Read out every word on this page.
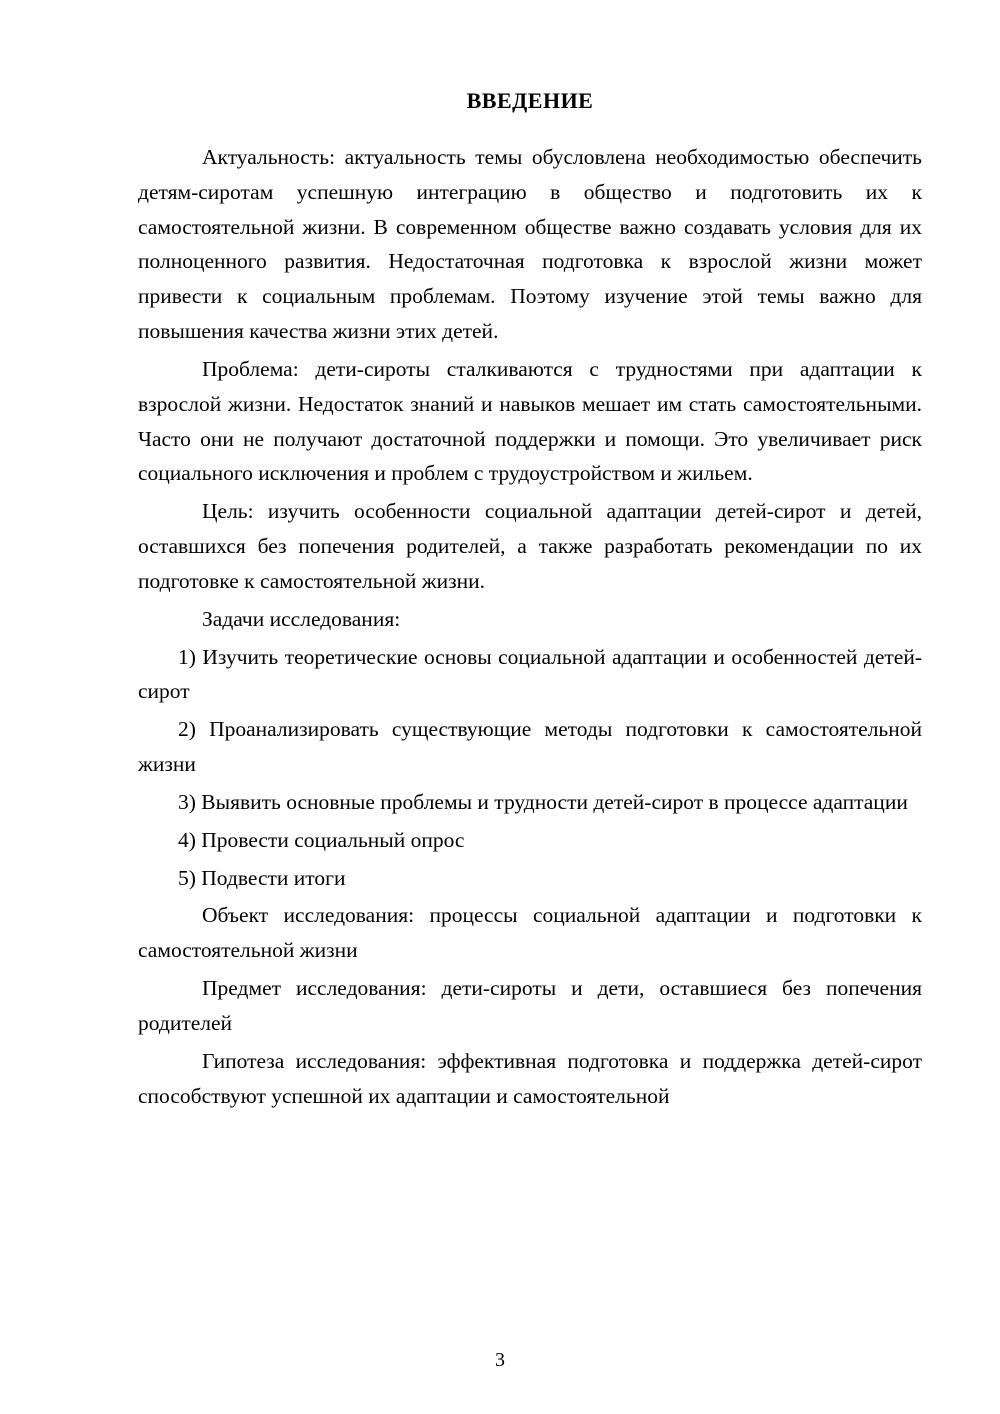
ВВЕДЕНИЕ

Актуальность: актуальность темы обусловлена необходимостью обеспечить детям-сиротам успешную интеграцию в общество и подготовить их к самостоятельной жизни. В современном обществе важно создавать условия для их полноценного развития. Недостаточная подготовка к взрослой жизни может привести к социальным проблемам. Поэтому изучение этой темы важно для повышения качества жизни этих детей.

Проблема: дети-сироты сталкиваются с трудностями при адаптации к взрослой жизни. Недостаток знаний и навыков мешает им стать самостоятельными. Часто они не получают достаточной поддержки и помощи. Это увеличивает риск социального исключения и проблем с трудоустройством и жильем.

Цель: изучить особенности социальной адаптации детей-сирот и детей, оставшихся без попечения родителей, а также разработать рекомендации по их подготовке к самостоятельной жизни.

Задачи исследования:

1) Изучить теоретические основы социальной адаптации и особенностей детей-сирот

2) Проанализировать существующие методы подготовки к самостоятельной жизни

3) Выявить основные проблемы и трудности детей-сирот в процессе адаптации

4) Провести социальный опрос

5) Подвести итоги

Объект исследования: процессы социальной адаптации и подготовки к самостоятельной жизни

Предмет исследования: дети-сироты и дети, оставшиеся без попечения родителей

Гипотеза исследования: эффективная подготовка и поддержка детей-сирот способствуют успешной их адаптации и самостоятельной

3
